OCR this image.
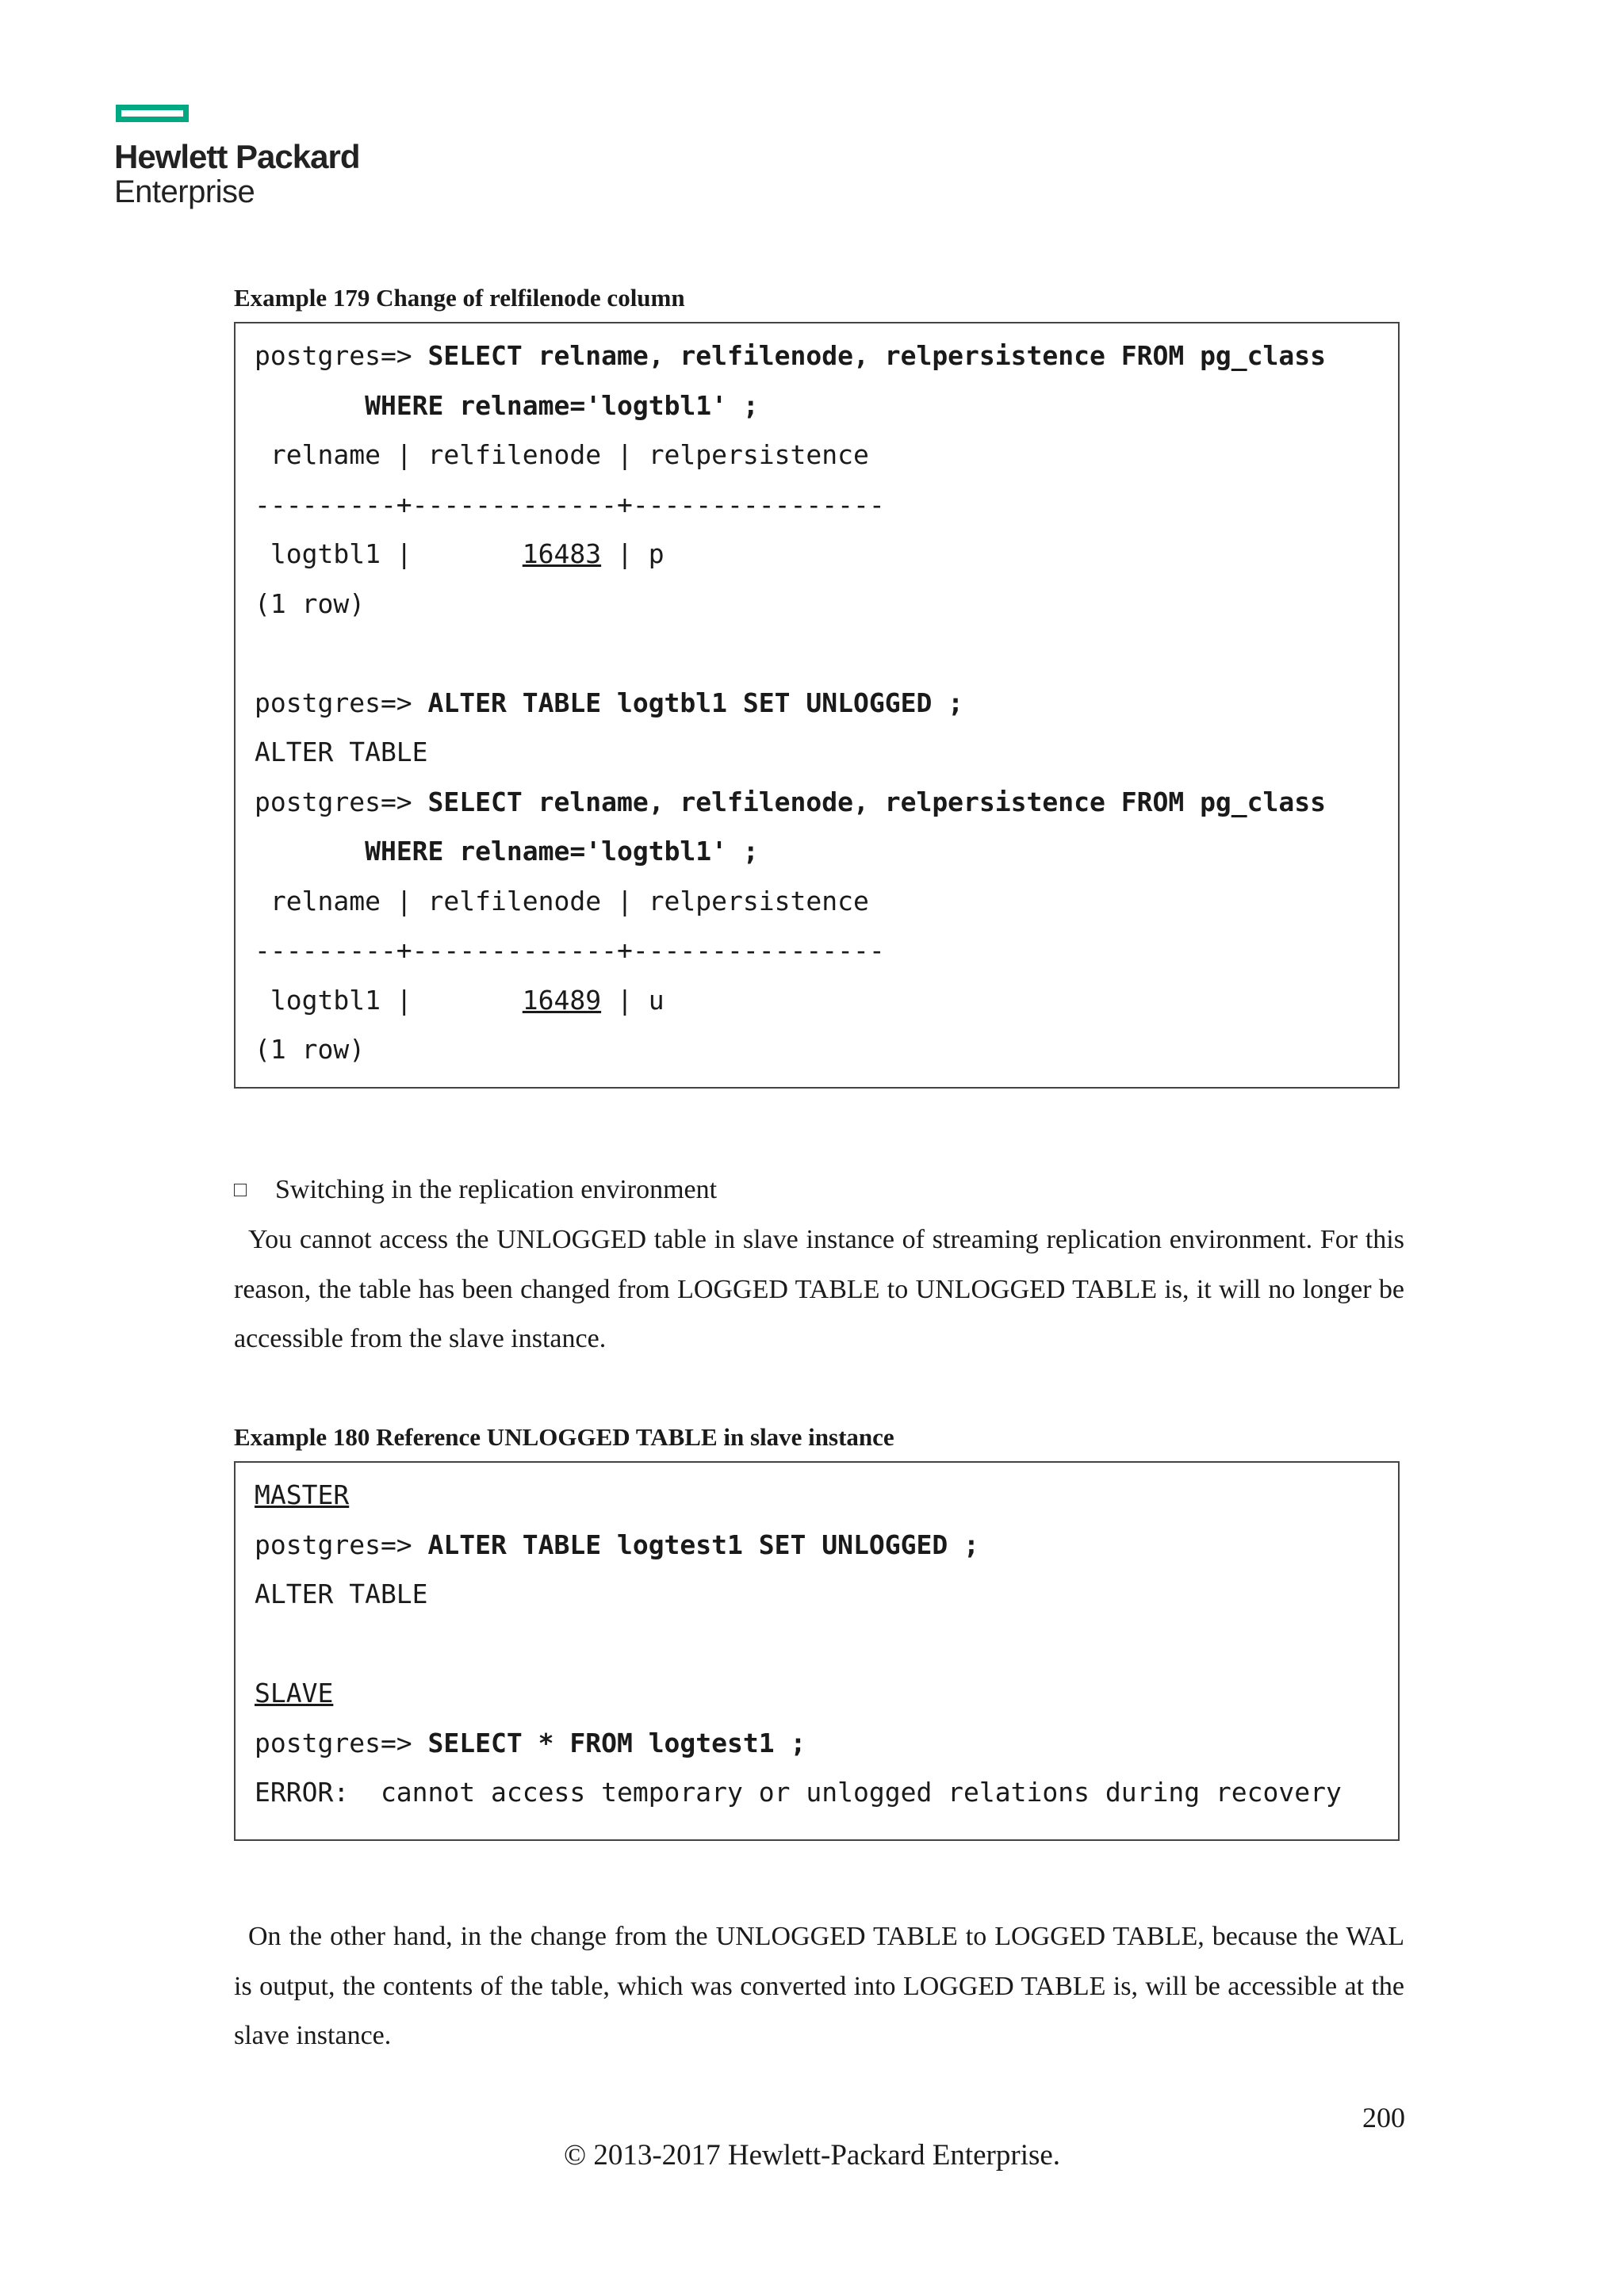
Hewlett Packard
Enterprise
Example 179 Change of relfilenode column
postgres=> SELECT relname, relfilenode, relpersistence FROM pg_class
WHERE relname='logtbl1' ;
relname | relfilenode | relpersistence
---------+-------------+----------------
logtbl1 |       16483 | p
(1 row)
postgres=> ALTER TABLE logtbl1 SET UNLOGGED ;
ALTER TABLE
postgres=> SELECT relname, relfilenode, relpersistence FROM pg_class
WHERE relname='logtbl1' ;
relname | relfilenode | relpersistence
---------+-------------+----------------
logtbl1 |       16489 | u
(1 row)
Switching in the replication environment
You cannot access the UNLOGGED table in slave instance of streaming replication environment. For this reason, the table has been changed from LOGGED TABLE to UNLOGGED TABLE is, it will no longer be accessible from the slave instance.
Example 180 Reference UNLOGGED TABLE in slave instance
MASTER
postgres=> ALTER TABLE logtest1 SET UNLOGGED ;
ALTER TABLE
SLAVE
postgres=> SELECT * FROM logtest1 ;
ERROR:  cannot access temporary or unlogged relations during recovery
On the other hand, in the change from the UNLOGGED TABLE to LOGGED TABLE, because the WAL is output, the contents of the table, which was converted into LOGGED TABLE is, will be accessible at the slave instance.
200
© 2013-2017 Hewlett-Packard Enterprise.
